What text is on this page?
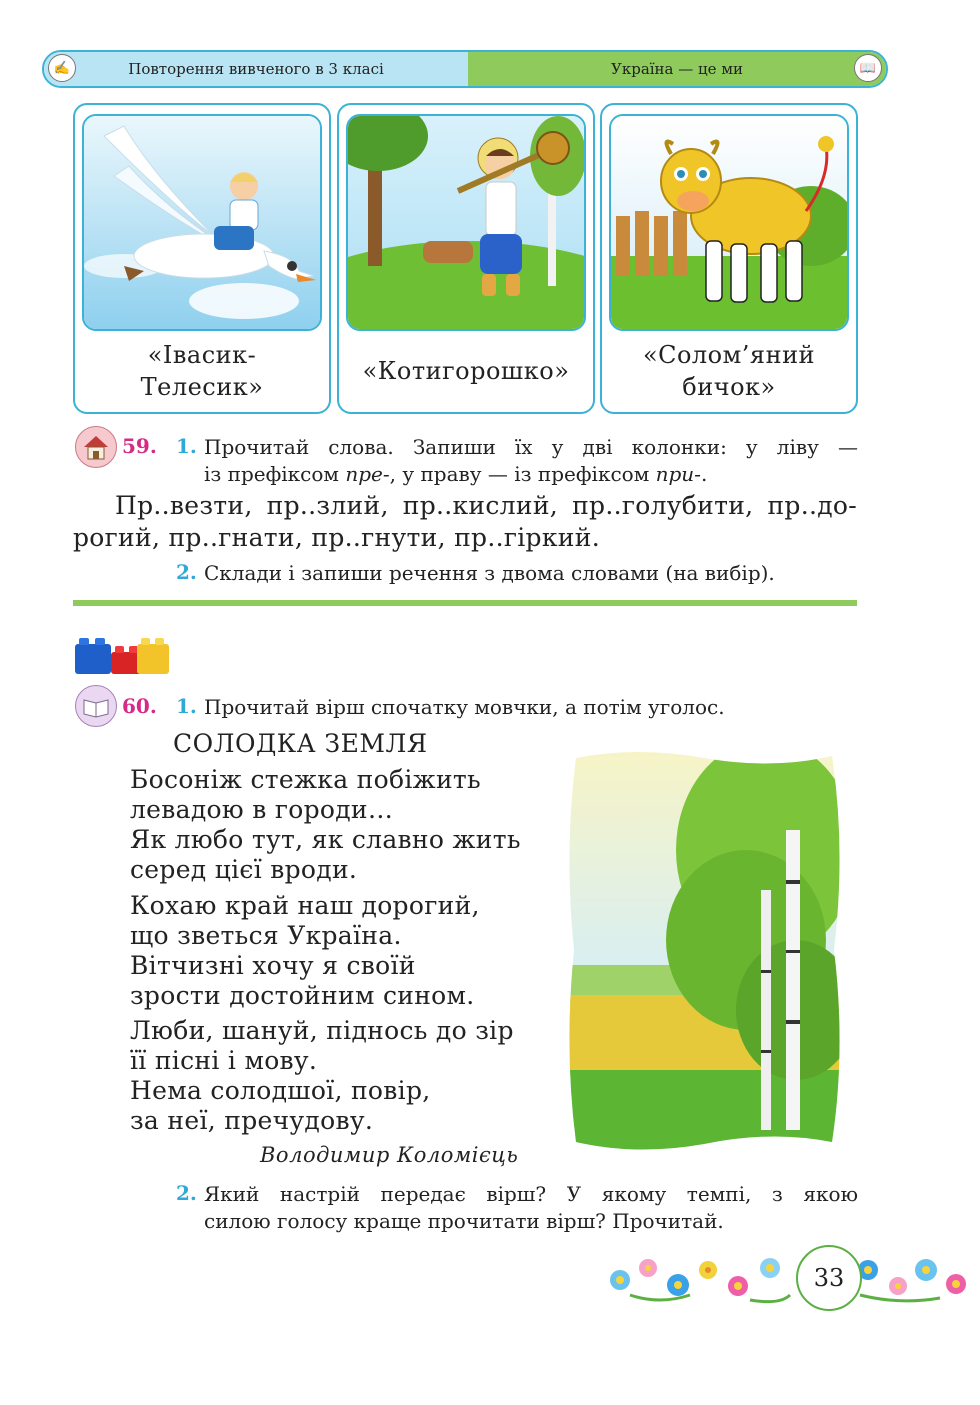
✍	Повторення вивченого в 3 класі	Україна — це ми	📖
«Івасик-
Телесик»
«Котигорошко»
«Солом’яний
бичок»
59. 1. Прочитай слова. Запиши їх у дві колонки: у ліву —
із префіксом пре-, у праву — із префіксом при-.
Пр..везти, пр..злий, пр..кислий, пр..голубити, пр..до-
рогий, пр..гнати, пр..гнути, пр..гіркий.
2. Склади і запиши речення з двома словами (на вибір).
60. 1. Прочитай вірш спочатку мовчки, а потім уголос.
СОЛОДКА ЗЕМЛЯ
Босоніж стежка побіжить
левадою в городи…
Як любо тут, як славно жить
серед цієї вроди.
Кохаю край наш дорогий,
що зветься Україна.
Вітчизні хочу я своїй
зрости достойним сином.
Люби, шануй, піднось до зір
її пісні і мову.
Нема солодшої, повір,
за неї, пречудову.
Володимир Коломієць
2. Який настрій передає вірш? У якому темпі, з якою
силою голосу краще прочитати вірш? Прочитай.
33
